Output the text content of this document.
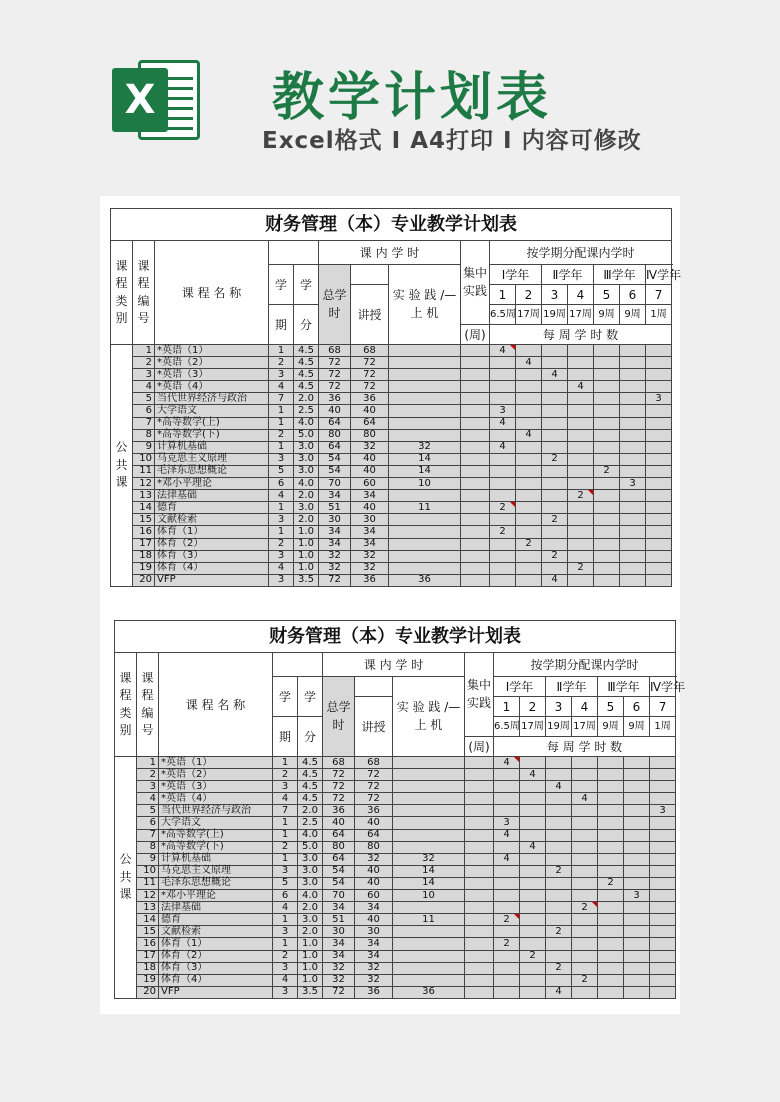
X 教学计划表
Excel格式 I A4打印 I 内容可修改
财务管理（本）专业教学计划表																
课程类别	课程编号	课 程 名 称			课 内 学 时			集中实践	按学期分配课内学时							
			学	学	总学时		实 验 践 /— 上 机		Ⅰ学年		Ⅱ学年		Ⅲ学年		Ⅳ学年	
						讲授			1	2	3	4	5	6	7	
			期	分					6.5周	17周	19周	17周	9周	9周	1周	
								(周)	每 周 学 时 数							
公共课	1	*英语（1）	1	4.5	68	68			4							
	2	*英语（2）	2	4.5	72	72				4						
	3	*英语（3）	3	4.5	72	72					4					
	4	*英语（4）	4	4.5	72	72						4				
	5	当代世界经济与政治	7	2.0	36	36									3	
	6	大学语文	1	2.5	40	40			3							
	7	*高等数学(上)	1	4.0	64	64			4							
	8	*高等数学(下)	2	5.0	80	80				4						
	9	计算机基础	1	3.0	64	32	32		4							
	10	马克思主义原理	3	3.0	54	40	14				2					
	11	毛泽东思想概论	5	3.0	54	40	14						2			
	12	*邓小平理论	6	4.0	70	60	10							3		
	13	法律基础	4	2.0	34	34						2				
	14	德育	1	3.0	51	40	11		2							
	15	文献检索	3	2.0	30	30					2					
	16	体育（1）	1	1.0	34	34			2							
	17	体育（2）	2	1.0	34	34				2						
	18	体育（3）	3	1.0	32	32					2					
	19	体育（4）	4	1.0	32	32						2				
	20	VFP	3	3.5	72	36	36				4					
财务管理（本）专业教学计划表																
课程类别	课程编号	课 程 名 称			课 内 学 时			集中实践	按学期分配课内学时							
			学	学	总学时		实 验 践 /— 上 机		Ⅰ学年		Ⅱ学年		Ⅲ学年		Ⅳ学年	
						讲授			1	2	3	4	5	6	7	
			期	分					6.5周	17周	19周	17周	9周	9周	1周	
								(周)	每 周 学 时 数							
公共课	1	*英语（1）	1	4.5	68	68			4							
	2	*英语（2）	2	4.5	72	72				4						
	3	*英语（3）	3	4.5	72	72					4					
	4	*英语（4）	4	4.5	72	72						4				
	5	当代世界经济与政治	7	2.0	36	36									3	
	6	大学语文	1	2.5	40	40			3							
	7	*高等数学(上)	1	4.0	64	64			4							
	8	*高等数学(下)	2	5.0	80	80				4						
	9	计算机基础	1	3.0	64	32	32		4							
	10	马克思主义原理	3	3.0	54	40	14				2					
	11	毛泽东思想概论	5	3.0	54	40	14						2			
	12	*邓小平理论	6	4.0	70	60	10							3		
	13	法律基础	4	2.0	34	34						2				
	14	德育	1	3.0	51	40	11		2							
	15	文献检索	3	2.0	30	30					2					
	16	体育（1）	1	1.0	34	34			2							
	17	体育（2）	2	1.0	34	34				2						
	18	体育（3）	3	1.0	32	32					2					
	19	体育（4）	4	1.0	32	32						2				
	20	VFP	3	3.5	72	36	36				4					
